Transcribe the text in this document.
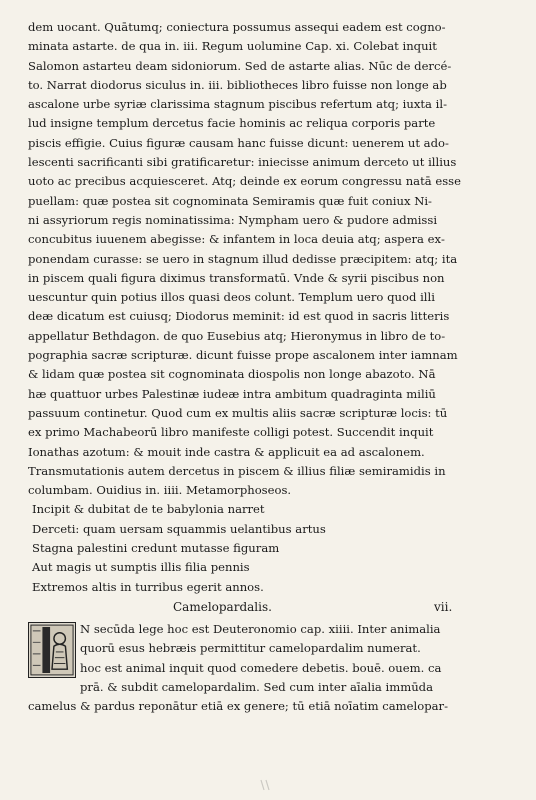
dem uocant. Quātumq; coniectura possumus assequi eadem est cogno‑
minata astarte. de qua in. iii. Regum uolumine Cap. xi. Colebat inquit
Salomon astarteu deam sidoniorum. Sed de astarte alias. Nūc de dercé‑
to. Narrat diodorus siculus in. iii. bibliotheces libro fuisse non longe ab
ascalone urbe syriæ clarissima stagnum piscibus refertum atq; iuxta il‑
lud insigne templum dercetus facie hominis ac reliqua corporis parte
piscis effigie. Cuius figuræ causam hanc fuisse dicunt: uenerem ut ado‑
lescenti sacrificanti sibi gratificaretur: iniecisse animum derceto ut illius
uoto ac precibus acquiesceret. Atq; deinde ex eorum congressu natā esse
puellam: quæ postea sit cognominata Semiramis quæ fuit coniux Ni‑
ni assyriorum regis nominatissima: Nympham uero & pudore admissi
concubitus iuuenem abegisse: & infantem in loca deuia atq; aspera ex‑
ponendam curasse: se uero in stagnum illud dedisse præcipitem: atq; ita
in piscem quali figura diximus transformatū. Vnde & syrii piscibus non
uescuntur quin potius illos quasi deos colunt. Templum uero quod illi
deæ dicatum est cuiusq; Diodorus meminit: id est quod in sacris litteris
appellatur Bethdagon. de quo Eusebius atq; Hieronymus in libro de to‑
pographia sacræ scripturæ. dicunt fuisse prope ascalonem inter iamnam
& lidam quæ postea sit cognominata diospolis non longe abazoto. Nā
hæ quattuor urbes Palestinæ iudeæ intra ambitum quadraginta miliū
passuum continetur. Quod cum ex multis aliis sacræ scripturæ locis: tū
ex primo Machabeorū libro manifeste colligi potest. Succendit inquit
Ionathas azotum: & mouit inde castra & applicuit ea ad ascalonem.
Transmutationis autem dercetus in piscem & illius filiæ semiramidis in
columbam. Ouidius in. iiii. Metamorphoseos.
Incipit & dubitat de te babylonia narret
Derceti: quam uersam squammis uelantibus artus
Stagna palestini credunt mutasse figuram
Aut magis ut sumptis illis filia pennis
Extremos altis in turribus egerit annos.
Camelopardalis.	vii.
N secūda lege hoc est Deuteronomio cap. xiiii. Inter animalia
quorū esus hebræis permittitur camelopardalim numerat.
hoc est animal inquit quod comedere debetis. bouē. ouem. ca
prā. & subdit camelopardalim. Sed cum inter aīalia immūda
camelus & pardus reponātur etiā ex genere; tū etiā noīatim camelopar‑
